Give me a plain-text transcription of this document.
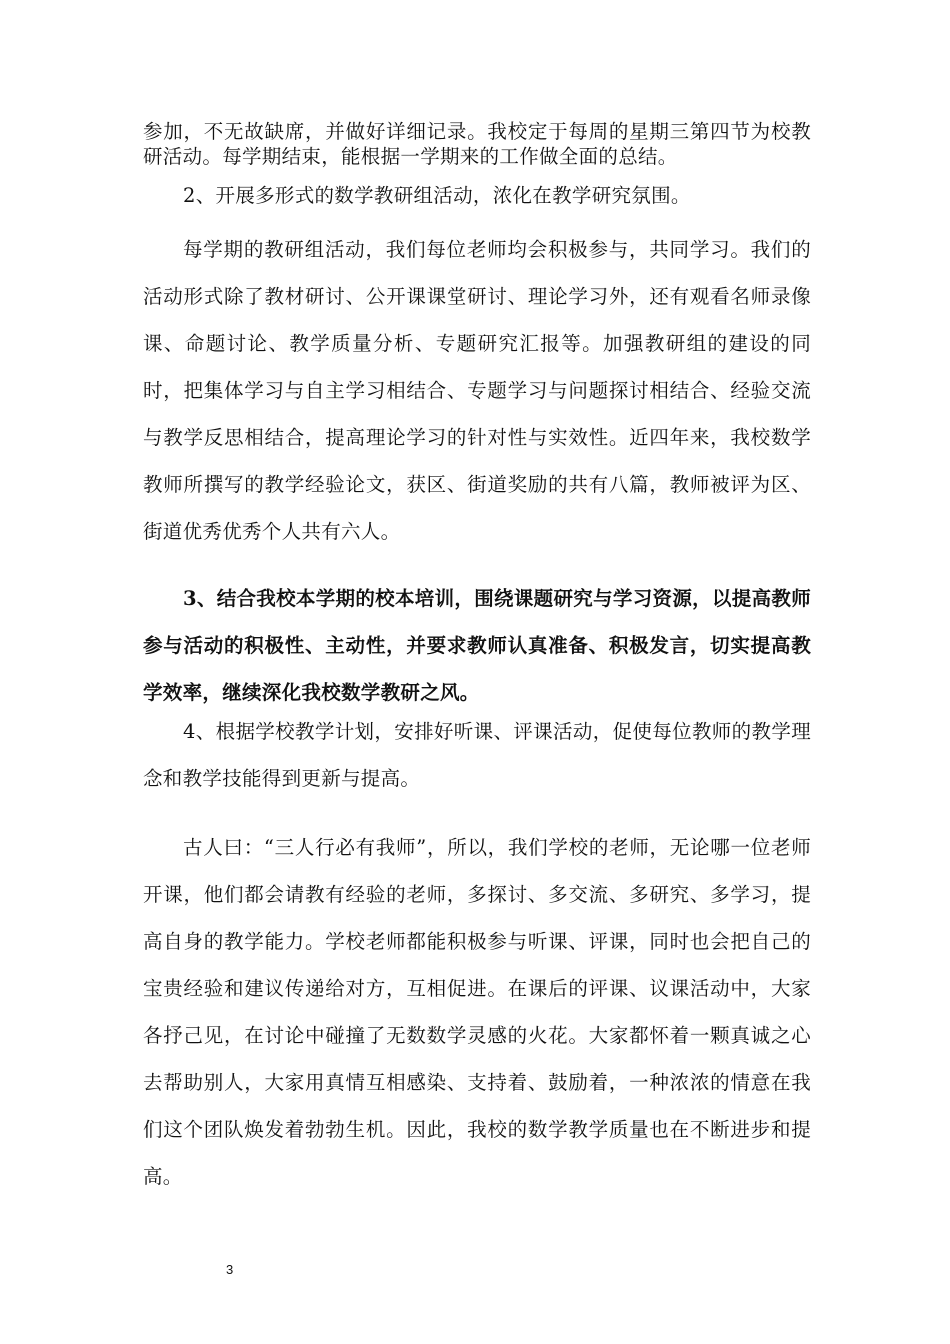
参加，不无故缺席，并做好详细记录。我校定于每周的星期三第四节为校教研活动。每学期结束，能根据一学期来的工作做全面的总结。

2、开展多形式的数学教研组活动，浓化在教学研究氛围。

每学期的教研组活动，我们每位老师均会积极参与，共同学习。我们的活动形式除了教材研讨、公开课课堂研讨、理论学习外，还有观看名师录像课、命题讨论、教学质量分析、专题研究汇报等。加强教研组的建设的同时，把集体学习与自主学习相结合、专题学习与问题探讨相结合、经验交流与教学反思相结合，提高理论学习的针对性与实效性。近四年来，我校数学教师所撰写的教学经验论文，获区、街道奖励的共有八篇，教师被评为区、街道优秀优秀个人共有六人。

3、结合我校本学期的校本培训，围绕课题研究与学习资源，以提高教师参与活动的积极性、主动性，并要求教师认真准备、积极发言，切实提高教学效率，继续深化我校数学教研之风。

4、根据学校教学计划，安排好听课、评课活动，促使每位教师的教学理念和教学技能得到更新与提高。

古人曰：“三人行必有我师”，所以，我们学校的老师，无论哪一位老师开课，他们都会请教有经验的老师，多探讨、多交流、多研究、多学习，提高自身的教学能力。学校老师都能积极参与听课、评课，同时也会把自己的宝贵经验和建议传递给对方，互相促进。在课后的评课、议课活动中，大家各抒己见，在讨论中碰撞了无数数学灵感的火花。大家都怀着一颗真诚之心去帮助别人，大家用真情互相感染、支持着、鼓励着，一种浓浓的情意在我们这个团队焕发着勃勃生机。因此，我校的数学教学质量也在不断进步和提高。

3
